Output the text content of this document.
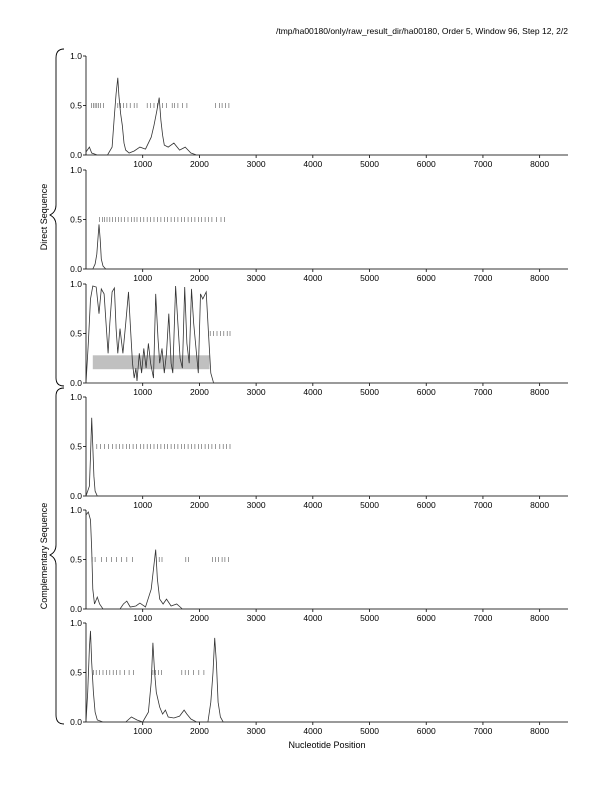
/tmp/ha00180/only/raw_result_dir/ha00180, Order 5, Window 96, Step 12, 2/2
0.0
0.5
1.0
1000	2000	3000	4000	5000	6000	7000	8000
0.0
0.5
1.0
1000	2000	3000	4000	5000	6000	7000	8000
0.0
0.5
1.0
1000	2000	3000	4000	5000	6000	7000	8000
0.0
0.5
1.0
1000	2000	3000	4000	5000	6000	7000	8000
0.0
0.5
1.0
1000	2000	3000	4000	5000	6000	7000	8000
0.0
0.5
1.0
1000	2000	3000	4000	5000	6000	7000	8000
Direct Sequence
Complementary Sequence
Nucleotide Position
